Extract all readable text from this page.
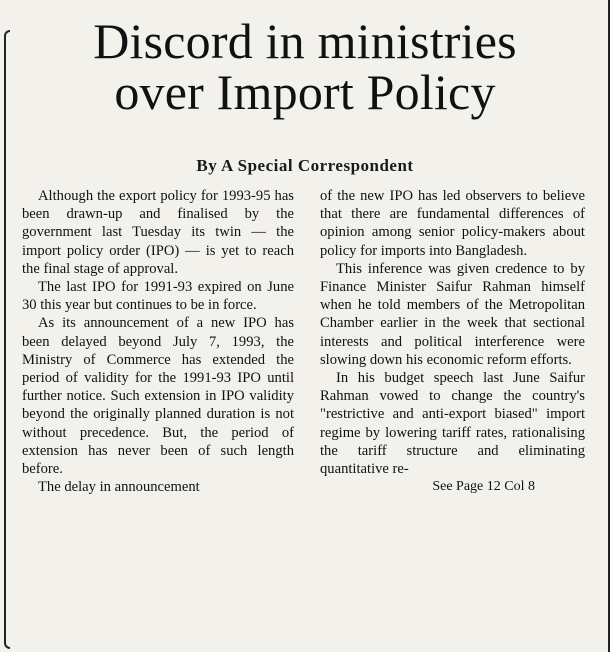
Discord in ministries
over Import Policy
By A Special Correspondent

Although the export policy for 1993-95 has been drawn-up and finalised by the government last Tuesday its twin — the import policy order (IPO) — is yet to reach the final stage of approval.

The last IPO for 1991-93 expired on June 30 this year but continues to be in force.

As its announcement of a new IPO has been delayed beyond July 7, 1993, the Ministry of Commerce has extended the period of validity for the 1991-93 IPO until further notice. Such extension in IPO validity beyond the originally planned duration is not without precedence. But, the period of extension has never been of such length before.

The delay in announcement

of the new IPO has led observers to believe that there are fundamental differences of opinion among senior policy-makers about policy for imports into Bangladesh.

This inference was given credence to by Finance Minister Saifur Rahman himself when he told members of the Metropolitan Chamber earlier in the week that sectional interests and political interference were slowing down his economic reform efforts.

In his budget speech last June Saifur Rahman vowed to change the country's "restrictive and anti-export biased" import regime by lowering tariff rates, rationalising the tariff structure and eliminating quantitative re-

See Page 12 Col 8
